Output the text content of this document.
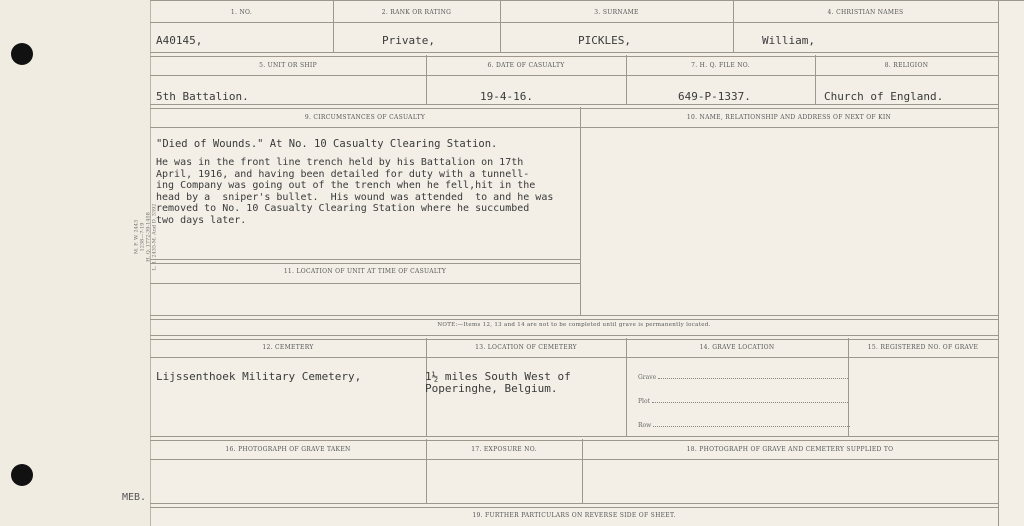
M. F. W. 2443 1238—7-19 H. Q. 1772-39-1458 L. 1. 2435-M. And D. 3392
MEB.
1. NO.	2. RANK OR RATING	3. SURNAME	4. CHRISTIAN NAMES
A40145,	Private,	PICKLES,	William,
5. UNIT OR SHIP	6. DATE OF CASUALTY	7. H. Q. FILE NO.	8. RELIGION
5th Battalion.	19-4-16.	649-P-1337.	Church of England.
9. CIRCUMSTANCES OF CASUALTY	10. NAME, RELATIONSHIP AND ADDRESS OF NEXT OF KIN
"Died of Wounds." At No. 10 Casualty Clearing Station.
He was in the front line trench held by his Battalion on 17th
April, 1916, and having been detailed for duty with a tunnell-
ing Company was going out of the trench when he fell,hit in the
head by a  sniper's bullet.  His wound was attended  to and he was
removed to No. 10 Casualty Clearing Station where he succumbed
two days later.
11. LOCATION OF UNIT AT TIME OF CASUALTY
NOTE:—Items 12, 13 and 14 are not to be completed until grave is permanently located.
12. CEMETERY	13. LOCATION OF CEMETERY	14. GRAVE LOCATION	15. REGISTERED NO. OF GRAVE
Lijssenthoek Military Cemetery,	1½ miles South West of
Poperinghe, Belgium.
Grave
Plot
Row
16. PHOTOGRAPH OF GRAVE TAKEN	17. EXPOSURE NO.	18. PHOTOGRAPH OF GRAVE AND CEMETERY SUPPLIED TO
19. FURTHER PARTICULARS ON REVERSE SIDE OF SHEET.
